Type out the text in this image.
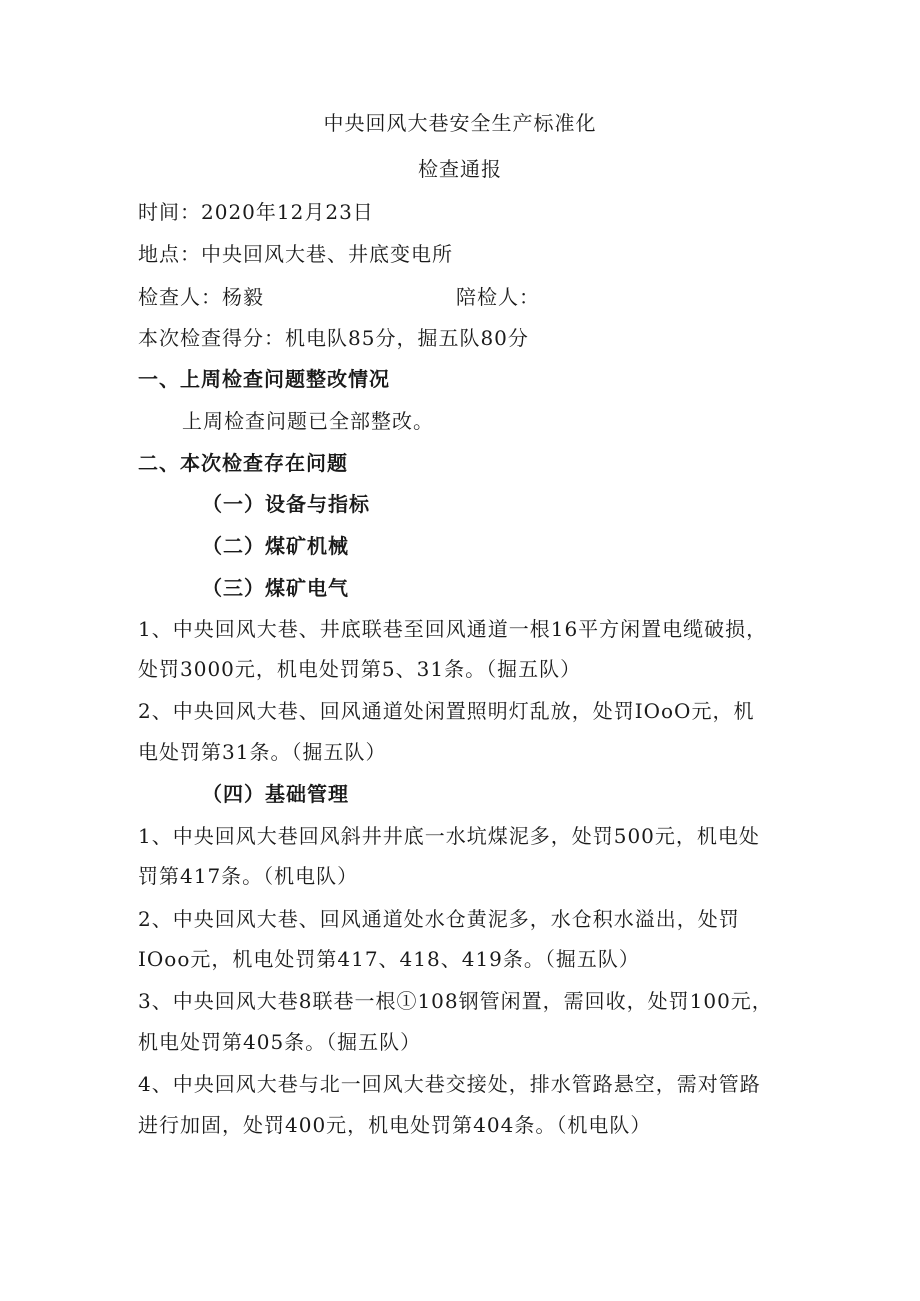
中央回风大巷安全生产标准化
检查通报
时间：2020年12月23日
地点：中央回风大巷、井底变电所
检查人：杨毅	陪检人：
本次检查得分：机电队85分，掘五队80分
一、上周检查问题整改情况
上周检查问题已全部整改。
二、本次检查存在问题
（一）设备与指标
（二）煤矿机械
（三）煤矿电气
1、中央回风大巷、井底联巷至回风通道一根16平方闲置电缆破损，
处罚3000元，机电处罚第5、31条。（掘五队）
2、中央回风大巷、回风通道处闲置照明灯乱放，处罚IOoO元，机
电处罚第31条。（掘五队）
（四）基础管理
1、中央回风大巷回风斜井井底一水坑煤泥多，处罚500元，机电处
罚第417条。（机电队）
2、中央回风大巷、回风通道处水仓黄泥多，水仓积水溢出，处罚
IOoo元，机电处罚第417、418、419条。（掘五队）
3、中央回风大巷8联巷一根①108钢管闲置，需回收，处罚100元，
机电处罚第405条。（掘五队）
4、中央回风大巷与北一回风大巷交接处，排水管路悬空，需对管路
进行加固，处罚400元，机电处罚第404条。（机电队）
